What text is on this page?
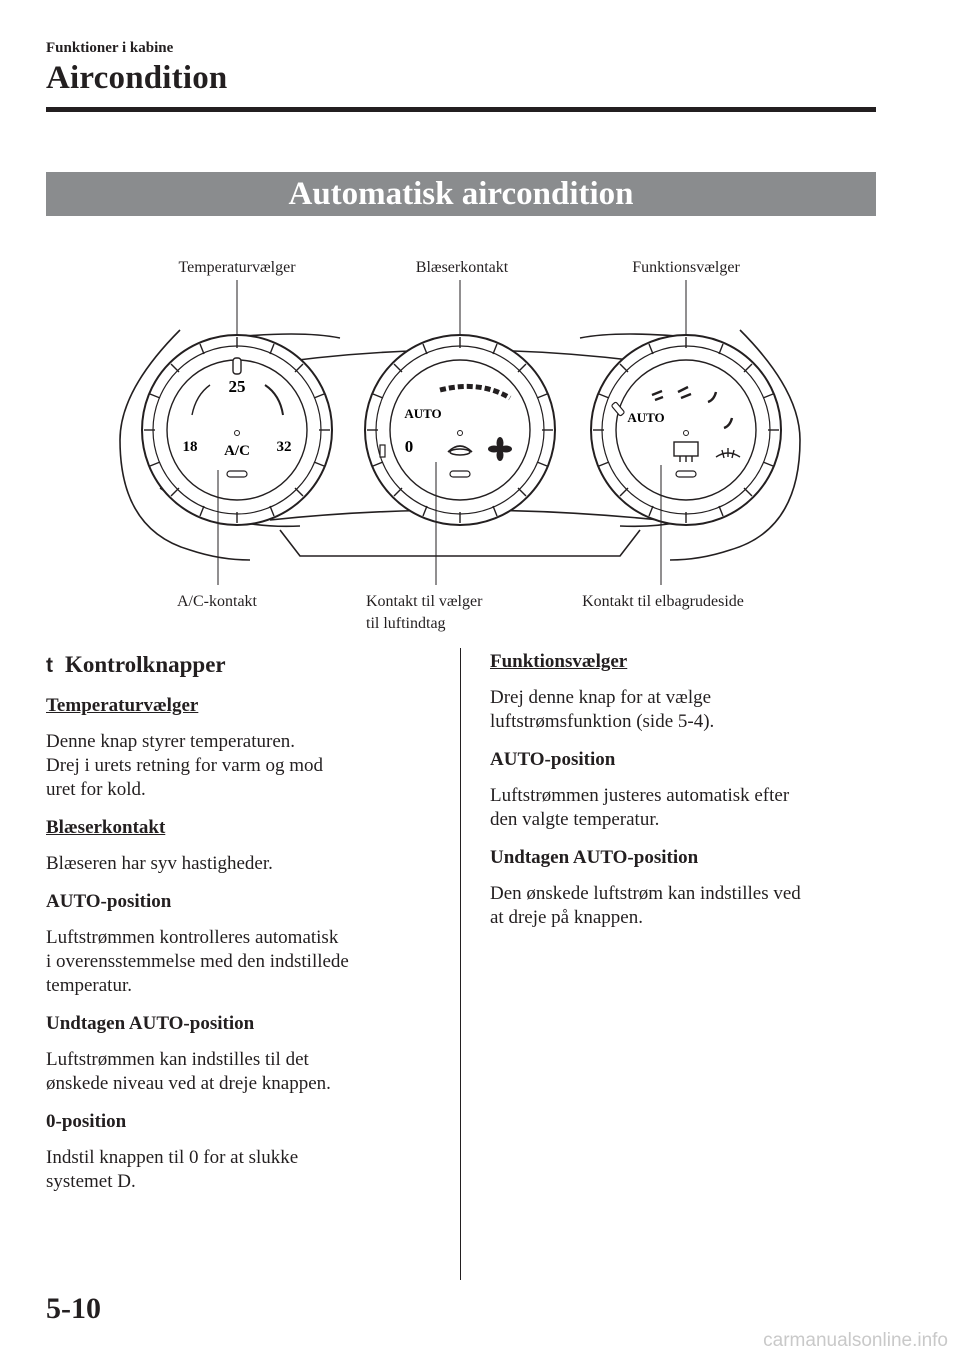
Funktioner i kabine
Aircondition
Automatisk aircondition
Temperaturvælger	Blæserkontakt	Funktionsvælger
25
18	32
A/C
AUTO
0
AUTO
A/C-kontakt	Kontakt til vælger
til luftindtag
Kontakt til elbagrudeside
t Kontrolknapper
Temperaturvælger
Denne knap styrer temperaturen.
Drej i urets retning for varm og mod
uret for kold.
Blæserkontakt
Blæseren har syv hastigheder.
AUTO-position
Luftstrømmen kontrolleres automatisk
i overensstemmelse med den indstillede
temperatur.
Undtagen AUTO-position
Luftstrømmen kan indstilles til det
ønskede niveau ved at dreje knappen.
0-position
Indstil knappen til 0 for at slukke
systemet D.
Funktionsvælger
Drej denne knap for at vælge
luftstrømsfunktion (side 5-4).
AUTO-position
Luftstrømmen justeres automatisk efter
den valgte temperatur.
Undtagen AUTO-position
Den ønskede luftstrøm kan indstilles ved
at dreje på knappen.
5-10
carmanualsonline.info
